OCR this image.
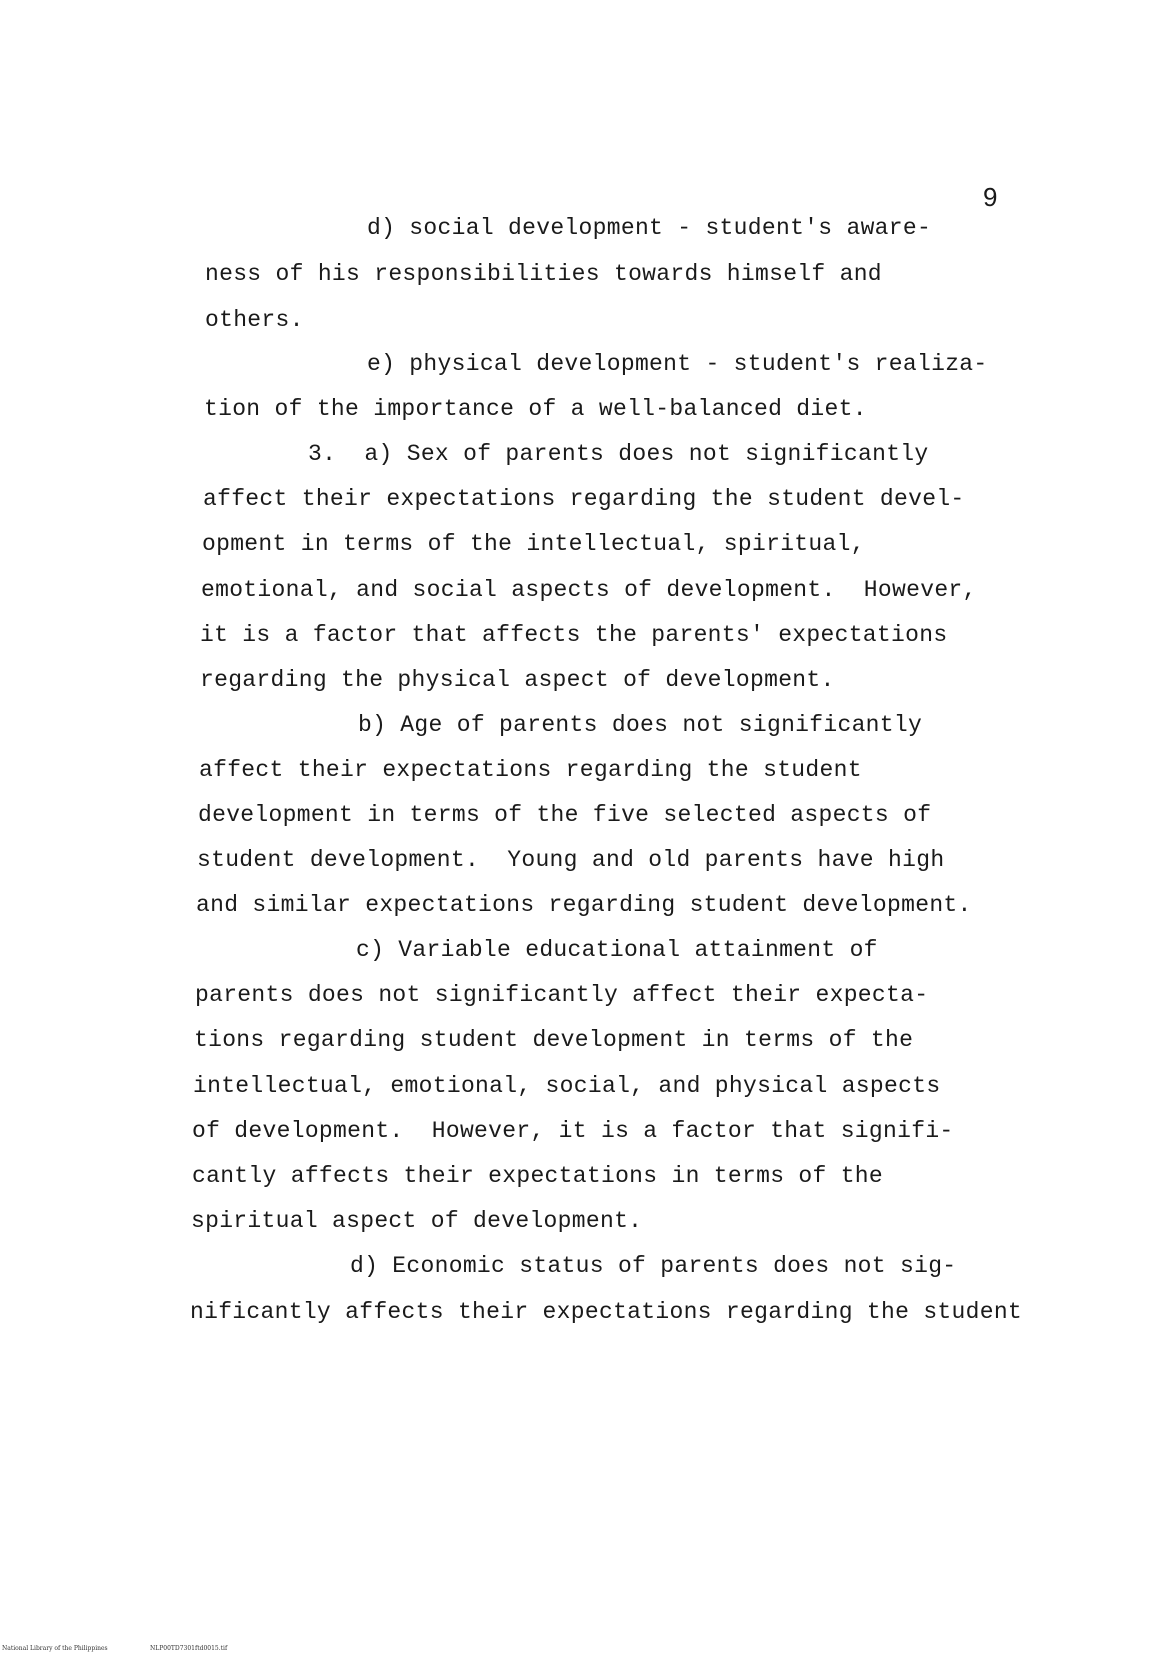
9
d) social development - student's aware-
ness of his responsibilities towards himself and
others.
e) physical development - student's realiza-
tion of the importance of a well-balanced diet.
3.  a) Sex of parents does not significantly
affect their expectations regarding the student devel-
opment in terms of the intellectual, spiritual,
emotional, and social aspects of development.  However,
it is a factor that affects the parents' expectations
regarding the physical aspect of development.
b) Age of parents does not significantly
affect their expectations regarding the student
development in terms of the five selected aspects of
student development.  Young and old parents have high
and similar expectations regarding student development.
c) Variable educational attainment of
parents does not significantly affect their expecta-
tions regarding student development in terms of the
intellectual, emotional, social, and physical aspects
of development.  However, it is a factor that signifi-
cantly affects their expectations in terms of the
spiritual aspect of development.
d) Economic status of parents does not sig-
nificantly affects their expectations regarding the student
National Library of the Philippines	NLP00TD7301ftd0015.tif
